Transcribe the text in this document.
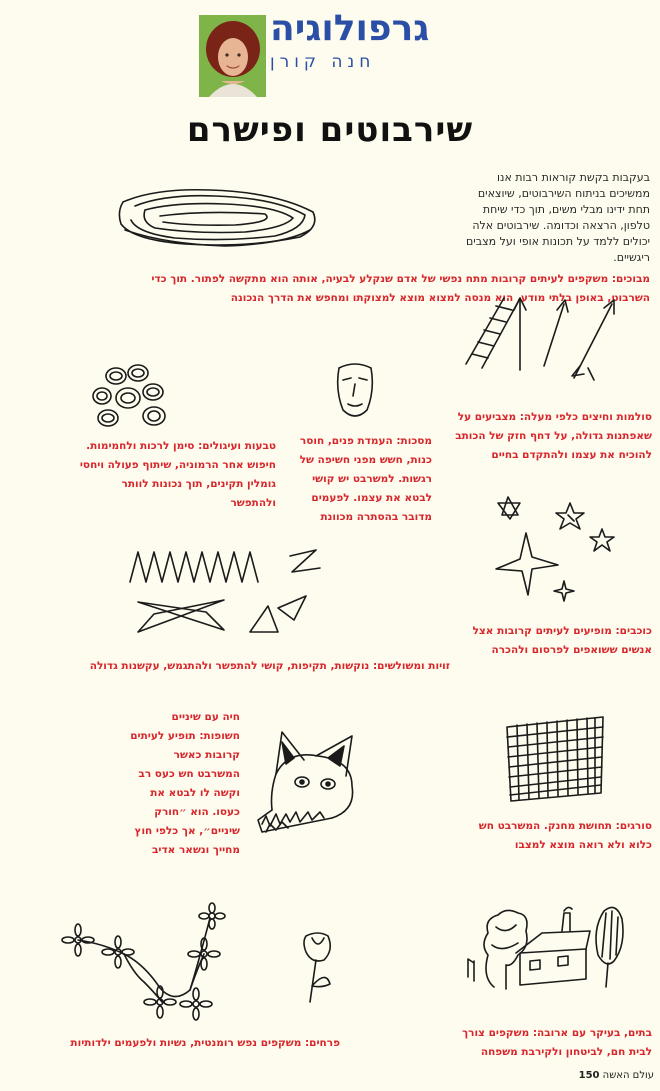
גרפולוגיה
חנה קורן
שירבוטים ופישרם
בעקבות בקשת קוראות רבות אנו ממשיכים בניתוח השירבוטים, שיוצאים תחת ידינו מבלי משים, תוך כדי שיחת טלפון, הרצאה וכדומה. שירבוטים אלה יכולים ללמד על תכונות אופי ועל מצבים ריגשיים.
מבוכים: משקפים לעיתים קרובות מתח נפשי של אדם שנקלע לבעיה, אותה הוא מתקשה לפתור. תוך כדי השרבוט, באופן בלתי מודע, הוא מנסה למצוא מוצא למצוקתו ומחפש את הדרך הנכונה
סולמות וחיצים כלפי מעלה: מצביעים על שאפתנות גדולה, על דחף חזק של הכותב להוכיח את עצמו ולהתקדם בחיים
טבעות ועיגולים: סימן לרכות ולחמימות. חיפוש אחר הרמוניה, שיתוף פעולה ויחסי גומלין תקינים, תוך נכונות לוותר ולהתפשר
מסכות: העמדת פנים, חוסר כנות, חשש מפני חשיפה של רגשות. למשרבט יש קושי לבטא את עצמו. לפעמים מדובר בהסתרה מכוונת
כוכבים: מופיעים לעיתים קרובות אצל אנשים ששואפים לפרסום ולהכרה
זויות ומשולשים: נוקשות, תקיפות, קושי להתפשר ולהתגמש, עקשנות גדולה
חיה עם שיניים חשופות: תופיע לעיתים קרובות כאשר המשרבט חש כעס רב וקשה לו לבטא את כעסו. הוא ״חורק שיניים״, אך כלפי חוץ מחייך ונשאר אדיב
סורגים: תחושת מחנק. המשרבט חש כלוא ולא רואה מוצא למצבו
פרחים: משקפים נפש רומנטית, נשיות ולפעמים ילדותיות
בתים, בעיקר עם ארובה: משקפים צורך לבית חם, לביטחון ולקירבת משפחה
עולם האשה 150
